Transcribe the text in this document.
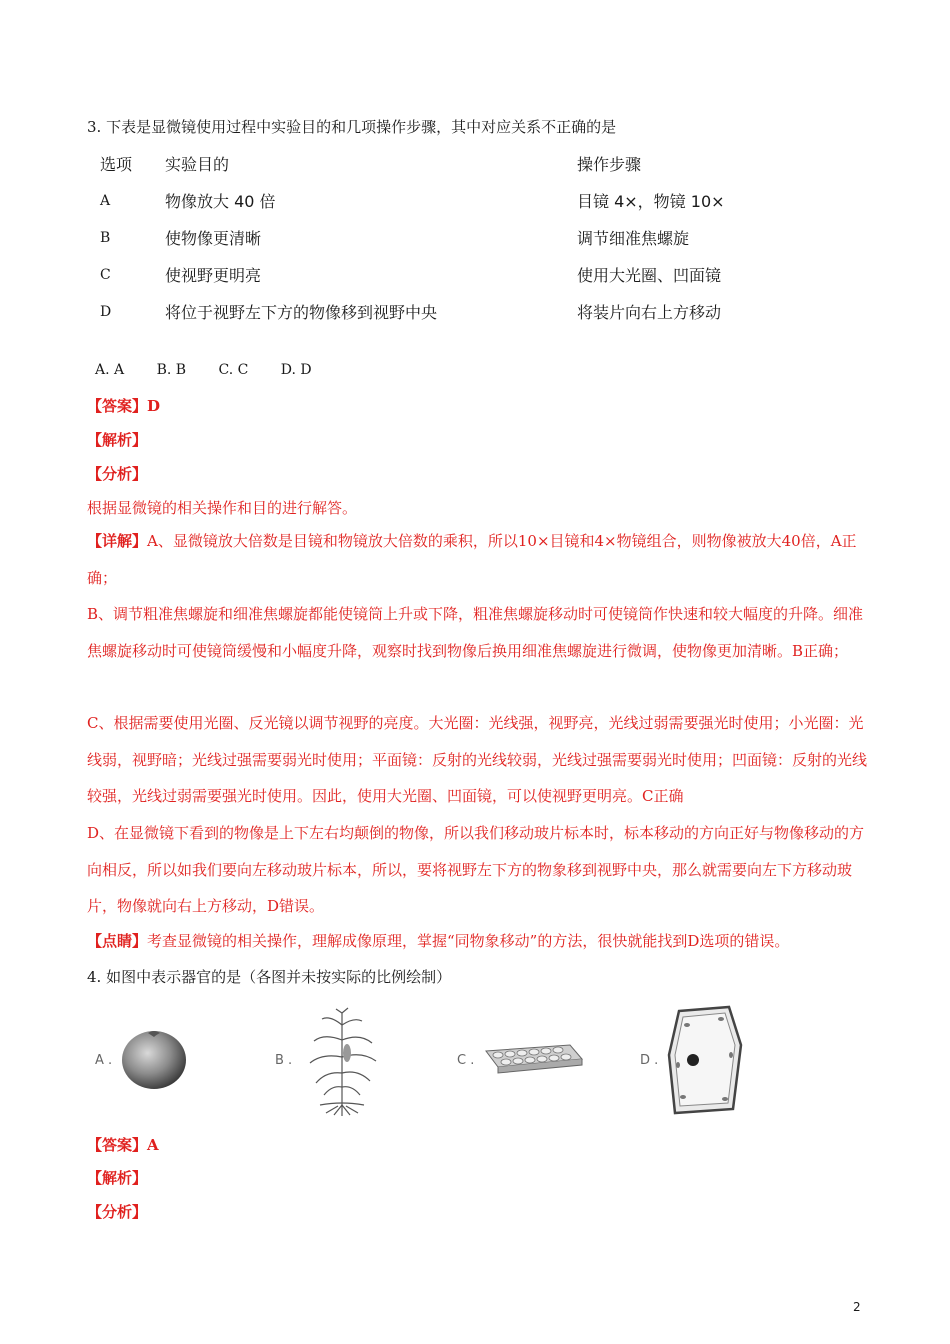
3. 下表是显微镜使用过程中实验目的和几项操作步骤，其中对应关系不正确的是
选项 实验目的	操作步骤
A	物像放大 40 倍	目镜 4×，物镜 10×
B	使物像更清晰	调节细准焦螺旋
C	使视野更明亮	使用大光圈、凹面镜
D	将位于视野左下方的物像移到视野中央	将装片向右上方移动
A. A B. B C. C D. D
【答案】D
【解析】
【分析】
根据显微镜的相关操作和目的进行解答。
【详解】A、显微镜放大倍数是目镜和物镜放大倍数的乘积，所以10×目镜和4×物镜组合，则物像被放大40倍，A正确；
B、调节粗准焦螺旋和细准焦螺旋都能使镜筒上升或下降，粗准焦螺旋移动时可使镜筒作快速和较大幅度的升降。细准焦螺旋移动时可使镜筒缓慢和小幅度升降，观察时找到物像后换用细准焦螺旋进行微调，使物像更加清晰。B正确；
C、根据需要使用光圈、反光镜以调节视野的亮度。大光圈：光线强，视野亮，光线过弱需要强光时使用；小光圈：光线弱，视野暗；光线过强需要弱光时使用；平面镜：反射的光线较弱，光线过强需要弱光时使用；凹面镜：反射的光线较强，光线过弱需要强光时使用。因此，使用大光圈、凹面镜，可以使视野更明亮。C正确
D、在显微镜下看到的物像是上下左右均颠倒的物像，所以我们移动玻片标本时，标本移动的方向正好与物像移动的方向相反，所以如我们要向左移动玻片标本，所以，要将视野左下方的物象移到视野中央，那么就需要向左下方移动玻片，物像就向右上方移动，D错误。
【点睛】考查显微镜的相关操作，理解成像原理，掌握“同物象移动”的方法，很快就能找到D选项的错误。
4. 如图中表示器官的是（各图并未按实际的比例绘制）
A .	B .	C .	D .
【答案】A
【解析】
【分析】
2
